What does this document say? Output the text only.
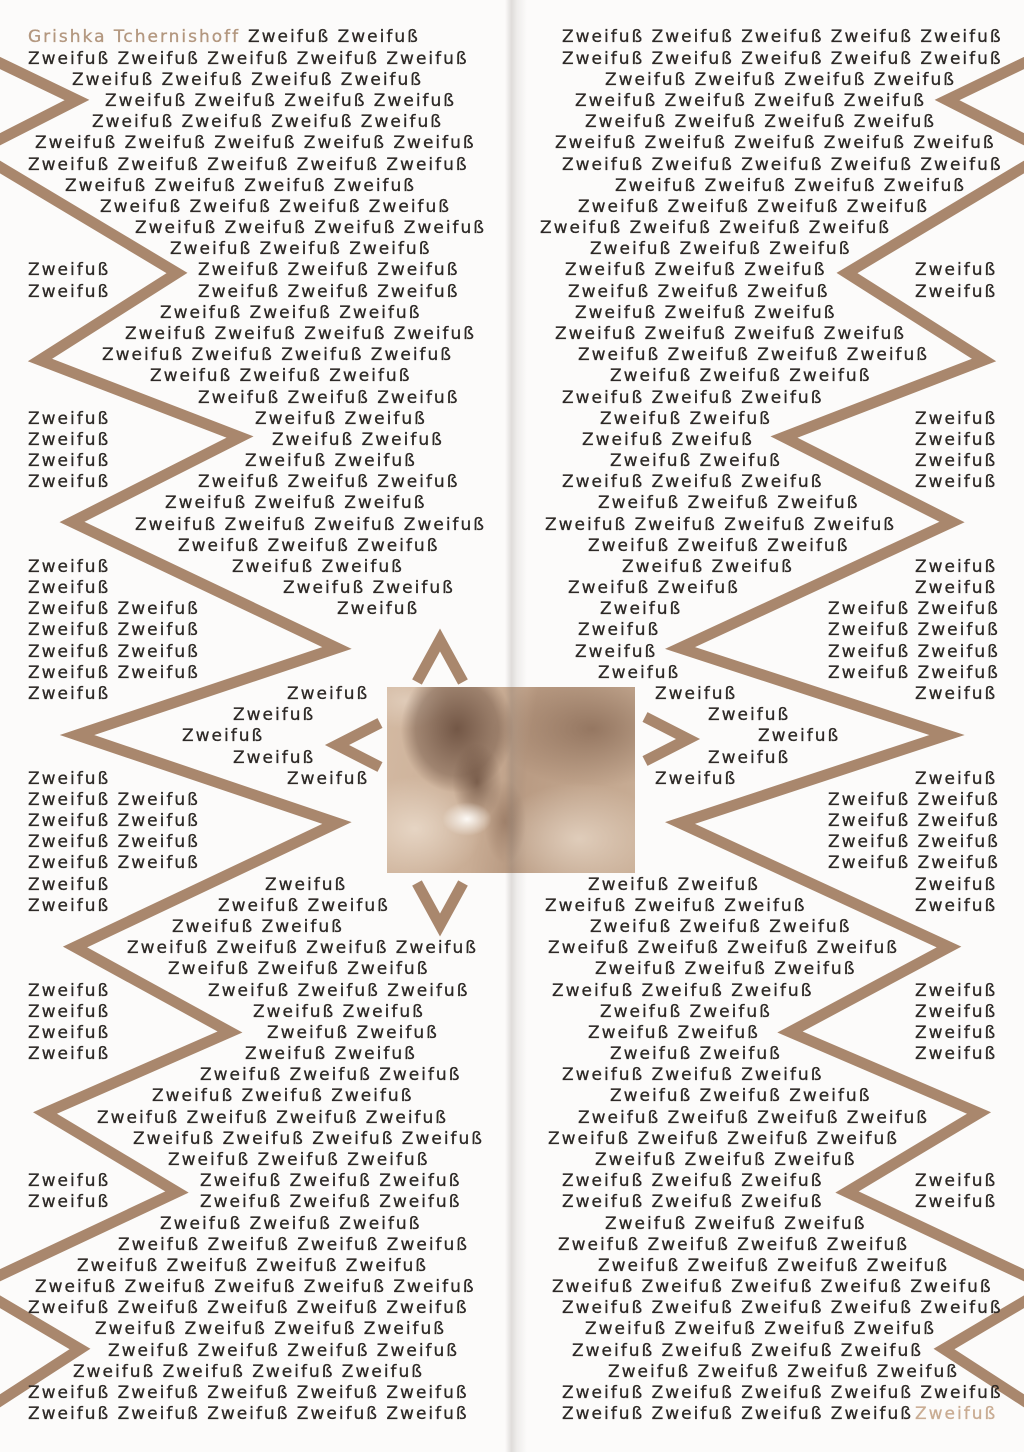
Grishka Tchernishoff Zweifuß Zweifuß
Zweifuß Zweifuß Zweifuß Zweifuß Zweifuß
Zweifuß Zweifuß Zweifuß Zweifuß
Zweifuß Zweifuß Zweifuß Zweifuß
Zweifuß Zweifuß Zweifuß Zweifuß
Zweifuß Zweifuß Zweifuß Zweifuß Zweifuß
Zweifuß Zweifuß Zweifuß Zweifuß Zweifuß
Zweifuß Zweifuß Zweifuß Zweifuß
Zweifuß Zweifuß Zweifuß Zweifuß
Zweifuß Zweifuß Zweifuß Zweifuß
Zweifuß Zweifuß Zweifuß
Zweifuß	Zweifuß Zweifuß Zweifuß
Zweifuß	Zweifuß Zweifuß Zweifuß
Zweifuß Zweifuß Zweifuß
Zweifuß Zweifuß Zweifuß Zweifuß
Zweifuß Zweifuß Zweifuß Zweifuß
Zweifuß Zweifuß Zweifuß
Zweifuß Zweifuß Zweifuß
Zweifuß	Zweifuß Zweifuß
Zweifuß	Zweifuß Zweifuß
Zweifuß	Zweifuß Zweifuß
Zweifuß	Zweifuß Zweifuß Zweifuß
Zweifuß Zweifuß Zweifuß
Zweifuß Zweifuß Zweifuß Zweifuß
Zweifuß Zweifuß Zweifuß
Zweifuß	Zweifuß Zweifuß
Zweifuß	Zweifuß Zweifuß
Zweifuß Zweifuß	Zweifuß
Zweifuß Zweifuß
Zweifuß Zweifuß
Zweifuß Zweifuß
Zweifuß	Zweifuß
Zweifuß
Zweifuß
Zweifuß
Zweifuß	Zweifuß
Zweifuß Zweifuß
Zweifuß Zweifuß
Zweifuß Zweifuß
Zweifuß Zweifuß
Zweifuß	Zweifuß
Zweifuß	Zweifuß Zweifuß
Zweifuß Zweifuß
Zweifuß Zweifuß Zweifuß Zweifuß
Zweifuß Zweifuß Zweifuß
Zweifuß	Zweifuß Zweifuß Zweifuß
Zweifuß	Zweifuß Zweifuß
Zweifuß	Zweifuß Zweifuß
Zweifuß	Zweifuß Zweifuß
Zweifuß Zweifuß Zweifuß
Zweifuß Zweifuß Zweifuß
Zweifuß Zweifuß Zweifuß Zweifuß
Zweifuß Zweifuß Zweifuß Zweifuß
Zweifuß Zweifuß Zweifuß
Zweifuß	Zweifuß Zweifuß Zweifuß
Zweifuß	Zweifuß Zweifuß Zweifuß
Zweifuß Zweifuß Zweifuß
Zweifuß Zweifuß Zweifuß Zweifuß
Zweifuß Zweifuß Zweifuß Zweifuß
Zweifuß Zweifuß Zweifuß Zweifuß Zweifuß
Zweifuß Zweifuß Zweifuß Zweifuß Zweifuß
Zweifuß Zweifuß Zweifuß Zweifuß
Zweifuß Zweifuß Zweifuß Zweifuß
Zweifuß Zweifuß Zweifuß Zweifuß
Zweifuß Zweifuß Zweifuß Zweifuß Zweifuß
Zweifuß Zweifuß Zweifuß Zweifuß Zweifuß
Zweifuß Zweifuß Zweifuß Zweifuß Zweifuß
Zweifuß Zweifuß Zweifuß Zweifuß Zweifuß
Zweifuß Zweifuß Zweifuß Zweifuß
Zweifuß Zweifuß Zweifuß Zweifuß
Zweifuß Zweifuß Zweifuß Zweifuß
Zweifuß Zweifuß Zweifuß Zweifuß Zweifuß
Zweifuß Zweifuß Zweifuß Zweifuß Zweifuß
Zweifuß Zweifuß Zweifuß Zweifuß
Zweifuß Zweifuß Zweifuß Zweifuß
Zweifuß Zweifuß Zweifuß Zweifuß
Zweifuß Zweifuß Zweifuß
Zweifuß Zweifuß Zweifuß	Zweifuß
Zweifuß Zweifuß Zweifuß	Zweifuß
Zweifuß Zweifuß Zweifuß
Zweifuß Zweifuß Zweifuß Zweifuß
Zweifuß Zweifuß Zweifuß Zweifuß
Zweifuß Zweifuß Zweifuß
Zweifuß Zweifuß Zweifuß
Zweifuß Zweifuß	Zweifuß
Zweifuß Zweifuß	Zweifuß
Zweifuß Zweifuß	Zweifuß
Zweifuß Zweifuß Zweifuß	Zweifuß
Zweifuß Zweifuß Zweifuß
Zweifuß Zweifuß Zweifuß Zweifuß
Zweifuß Zweifuß Zweifuß
Zweifuß Zweifuß	Zweifuß
Zweifuß Zweifuß	Zweifuß
Zweifuß	Zweifuß Zweifuß
Zweifuß	Zweifuß Zweifuß
Zweifuß	Zweifuß Zweifuß
Zweifuß	Zweifuß Zweifuß
Zweifuß	Zweifuß
Zweifuß
Zweifuß
Zweifuß
Zweifuß	Zweifuß
Zweifuß Zweifuß
Zweifuß Zweifuß
Zweifuß Zweifuß
Zweifuß Zweifuß
Zweifuß Zweifuß	Zweifuß
Zweifuß Zweifuß Zweifuß	Zweifuß
Zweifuß Zweifuß Zweifuß
Zweifuß Zweifuß Zweifuß Zweifuß
Zweifuß Zweifuß Zweifuß
Zweifuß Zweifuß Zweifuß	Zweifuß
Zweifuß Zweifuß	Zweifuß
Zweifuß Zweifuß	Zweifuß
Zweifuß Zweifuß	Zweifuß
Zweifuß Zweifuß Zweifuß
Zweifuß Zweifuß Zweifuß
Zweifuß Zweifuß Zweifuß Zweifuß
Zweifuß Zweifuß Zweifuß Zweifuß
Zweifuß Zweifuß Zweifuß
Zweifuß Zweifuß Zweifuß	Zweifuß
Zweifuß Zweifuß Zweifuß	Zweifuß
Zweifuß Zweifuß Zweifuß
Zweifuß Zweifuß Zweifuß Zweifuß
Zweifuß Zweifuß Zweifuß Zweifuß
Zweifuß Zweifuß Zweifuß Zweifuß Zweifuß
Zweifuß Zweifuß Zweifuß Zweifuß Zweifuß
Zweifuß Zweifuß Zweifuß Zweifuß
Zweifuß Zweifuß Zweifuß Zweifuß
Zweifuß Zweifuß Zweifuß Zweifuß
Zweifuß Zweifuß Zweifuß Zweifuß Zweifuß
Zweifuß Zweifuß Zweifuß Zweifuß Zweifuß
